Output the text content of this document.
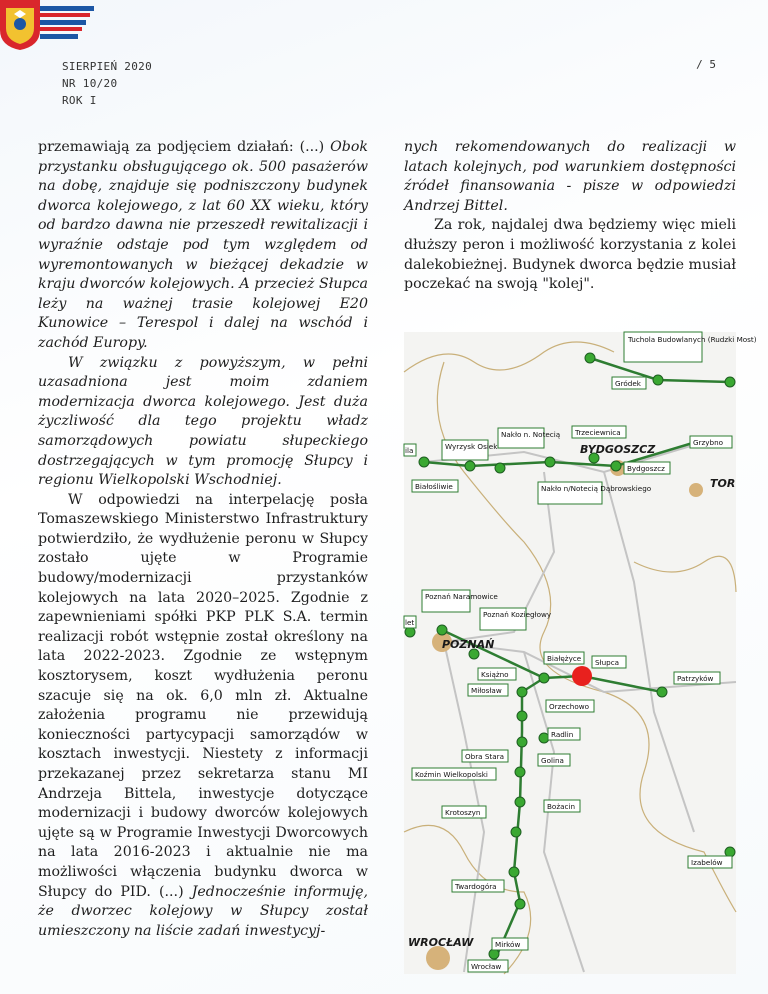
SIERPIEŃ 2020
NR 10/20
ROK I
/ 5

przemawiają za podjęciem działań: (...) Obok przystanku obsługującego ok. 500 pasażerów na dobę, znajduje się podniszczony budynek dworca kolejowego, z lat 60 XX wieku, który od bardzo dawna nie przeszedł rewitalizacji i wyraźnie odstaje pod tym względem od wyremontowanych w bieżącej dekadzie w kraju dworców kolejowych. A przecież Słupca leży na ważnej trasie kolejowej E20 Kunowice – Terespol i dalej na wschód i zachód Europy.

W związku z powyższym, w pełni uzasadniona jest moim zdaniem modernizacja dworca kolejowego. Jest duża życzliwość dla tego projektu władz samorządowych powiatu słupeckiego dostrzegających w tym promocję Słupcy i regionu Wielkopolski Wschodniej.

W odpowiedzi na interpelację posła Tomaszewskiego Ministerstwo Infrastruktury potwierdziło, że wydłużenie peronu w Słupcy zostało ujęte w Programie budowy/modernizacji przystanków kolejowych na lata 2020–2025. Zgodnie z zapewnieniami spółki PKP PLK S.A. termin realizacji robót wstępnie został określony na lata 2022-2023. Zgodnie ze wstępnym kosztorysem, koszt wydłużenia peronu szacuje się na ok. 6,0 mln zł. Aktualne założenia programu nie przewidują konieczności partycypacji samorządów w kosztach inwestycji. Niestety z informacji przekazanej przez sekretarza stanu MI Andrzeja Bittela, inwestycje dotyczące modernizacji i budowy dworców kolejowych ujęte są w Programie Inwestycji Dworcowych na lata 2016-2023 i aktualnie nie ma możliwości włączenia budynku dworca w Słupcy do PID. (...) Jednocześnie informuję, że dworzec kolejowy w Słupcy został umieszczony na liście zadań inwestycyj-

nych rekomendowanych do realizacji w latach kolejnych, pod warunkiem dostępności źródeł finansowania - pisze w odpowiedzi Andrzej Bittel.

Za rok, najdalej dwa będziemy więc mieli dłuższy peron i możliwość korzystania z kolei dalekobieżnej. Budynek dworca będzie musiał poczekać na swoją "kolej".

BYDGOSZCZ
TOR
POZNAŃ
WROCŁAW
Tuchola Budowlanych (Rudzki Most)
Gródek
Trzeciewnica
Grzybno
Nakło n. Notecią
Wyrzysk Osiek
ila
Białośliwie
Bydgoszcz
Nakło n/Notecią Dąbrowskiego
Poznań Naramowice
let
Poznań Koziegłowy
Białężyce Słupca
Książno
Miłosław
Patrzyków
Orzechowo
Radlin
Obra Stara	Golina
Koźmin Wielkopolski
Krotoszyn
Bożacin
Izabelów
Twardogóra
Mirków
Wrocław
